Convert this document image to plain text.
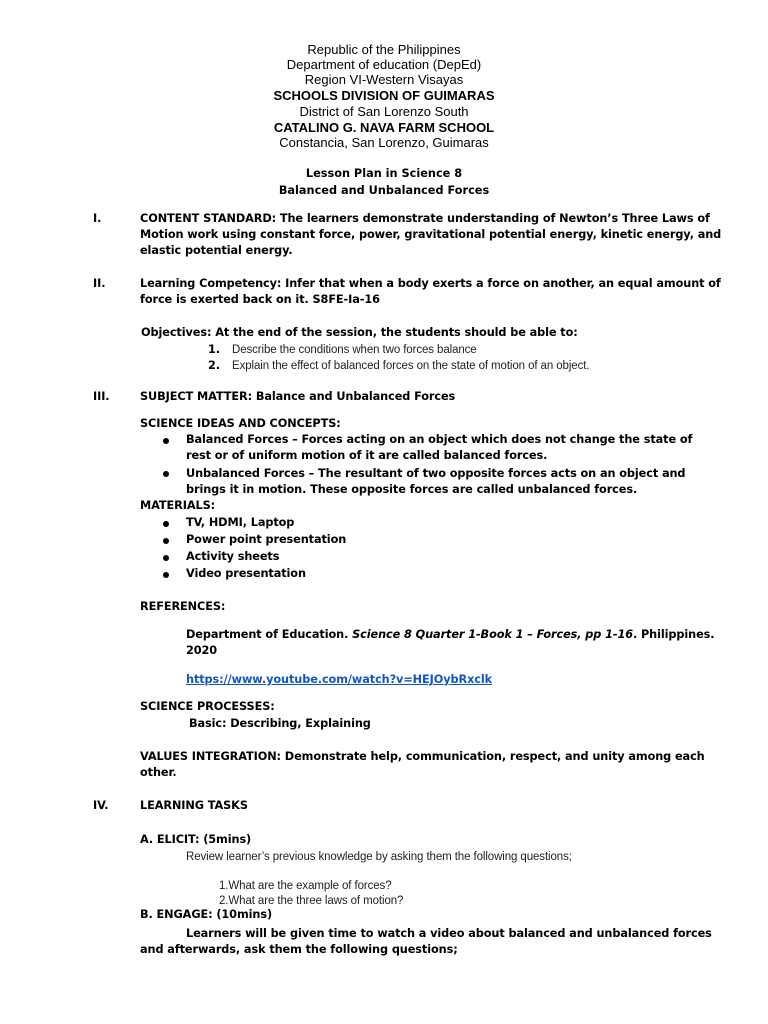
Republic of the Philippines
Department of education (DepEd)
Region VI-Western Visayas
SCHOOLS DIVISION OF GUIMARAS
District of San Lorenzo South
CATALINO G. NAVA FARM SCHOOL
Constancia, San Lorenzo, Guimaras
Lesson Plan in Science 8
Balanced and Unbalanced Forces
I.	CONTENT STANDARD: The learners demonstrate understanding of Newton’s Three Laws of
Motion work using constant force, power, gravitational potential energy, kinetic energy, and
elastic potential energy.
II.	Learning Competency: Infer that when a body exerts a force on another, an equal amount of
force is exerted back on it. S8FE-Ia-16
Objectives: At the end of the session, the students should be able to:
1. Describe the conditions when two forces balance
2. Explain the effect of balanced forces on the state of motion of an object.
III.	SUBJECT MATTER: Balance and Unbalanced Forces
SCIENCE IDEAS AND CONCEPTS:
Balanced Forces – Forces acting on an object which does not change the state of
rest or of uniform motion of it are called balanced forces.
Unbalanced Forces – The resultant of two opposite forces acts on an object and
brings it in motion. These opposite forces are called unbalanced forces.
MATERIALS:
TV, HDMI, Laptop
Power point presentation
Activity sheets
Video presentation
REFERENCES:
Department of Education. Science 8 Quarter 1-Book 1 – Forces, pp 1-16. Philippines.
2020
https://www.youtube.com/watch?v=HEJOybRxclk
SCIENCE PROCESSES:
Basic: Describing, Explaining
VALUES INTEGRATION: Demonstrate help, communication, respect, and unity among each
other.
IV.	LEARNING TASKS
A. ELICIT: (5mins)
Review learner’s previous knowledge by asking them the following questions;
1.What are the example of forces?
2.What are the three laws of motion?
B. ENGAGE: (10mins)
Learners will be given time to watch a video about balanced and unbalanced forces
and afterwards, ask them the following questions;
